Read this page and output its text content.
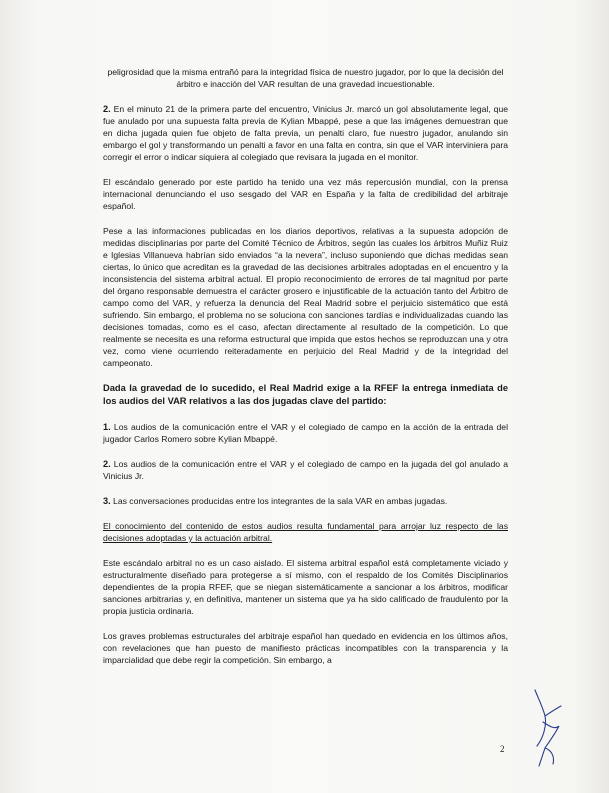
peligrosidad que la misma entrañó para la integridad física de nuestro jugador, por lo que la decisión del árbitro e inacción del VAR resultan de una gravedad incuestionable.

2. En el minuto 21 de la primera parte del encuentro, Vinicius Jr. marcó un gol absolutamente legal, que fue anulado por una supuesta falta previa de Kylian Mbappé, pese a que las imágenes demuestran que en dicha jugada quien fue objeto de falta previa, un penalti claro, fue nuestro jugador, anulando sin embargo el gol y transformando un penalti a favor en una falta en contra, sin que el VAR interviniera para corregir el error o indicar siquiera al colegiado que revisara la jugada en el monitor.

El escándalo generado por este partido ha tenido una vez más repercusión mundial, con la prensa internacional denunciando el uso sesgado del VAR en España y la falta de credibilidad del arbitraje español.

Pese a las informaciones publicadas en los diarios deportivos, relativas a la supuesta adopción de medidas disciplinarias por parte del Comité Técnico de Árbitros, según las cuales los árbitros Muñiz Ruiz e Iglesias Villanueva habrían sido enviados “a la nevera”, incluso suponiendo que dichas medidas sean ciertas, lo único que acreditan es la gravedad de las decisiones arbitrales adoptadas en el encuentro y la inconsistencia del sistema arbitral actual. El propio reconocimiento de errores de tal magnitud por parte del órgano responsable demuestra el carácter grosero e injustificable de la actuación tanto del Árbitro de campo como del VAR, y refuerza la denuncia del Real Madrid sobre el perjuicio sistemático que está sufriendo. Sin embargo, el problema no se soluciona con sanciones tardías e individualizadas cuando las decisiones tomadas, como es el caso, afectan directamente al resultado de la competición. Lo que realmente se necesita es una reforma estructural que impida que estos hechos se reproduzcan una y otra vez, como viene ocurriendo reiteradamente en perjuicio del Real Madrid y de la integridad del campeonato.

Dada la gravedad de lo sucedido, el Real Madrid exige a la RFEF la entrega inmediata de los audios del VAR relativos a las dos jugadas clave del partido:

1. Los audios de la comunicación entre el VAR y el colegiado de campo en la acción de la entrada del jugador Carlos Romero sobre Kylian Mbappé.

2. Los audios de la comunicación entre el VAR y el colegiado de campo en la jugada del gol anulado a Vinicius Jr.

3. Las conversaciones producidas entre los integrantes de la sala VAR en ambas jugadas.

El conocimiento del contenido de estos audios resulta fundamental para arrojar luz respecto de las decisiones adoptadas y la actuación arbitral.

Este escándalo arbitral no es un caso aislado. El sistema arbitral español está completamente viciado y estructuralmente diseñado para protegerse a sí mismo, con el respaldo de los Comités Disciplinarios dependientes de la propia RFEF, que se niegan sistemáticamente a sancionar a los árbitros, modificar sanciones arbitrarias y, en definitiva, mantener un sistema que ya ha sido calificado de fraudulento por la propia justicia ordinaria.

Los graves problemas estructurales del arbitraje español han quedado en evidencia en los últimos años, con revelaciones que han puesto de manifiesto prácticas incompatibles con la transparencia y la imparcialidad que debe regir la competición. Sin embargo, a

2
